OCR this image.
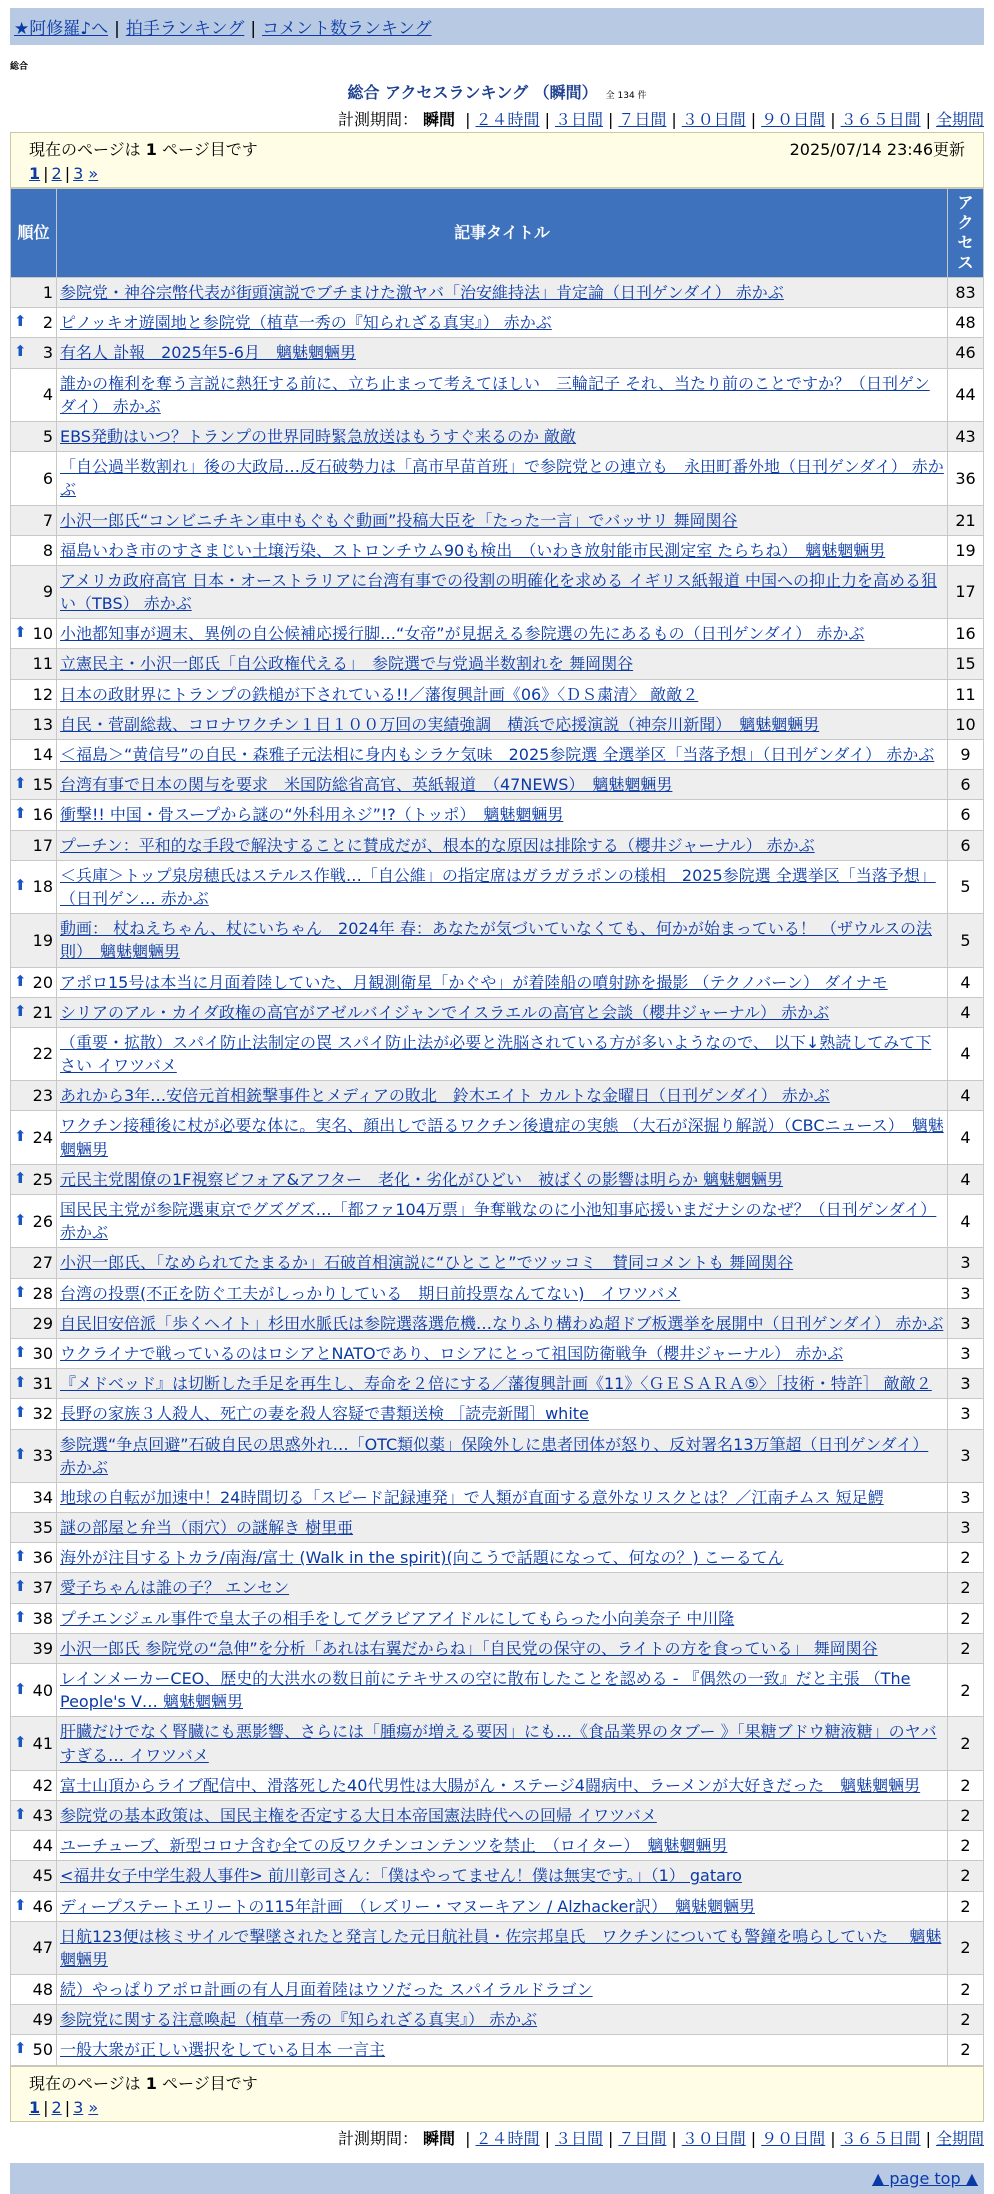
★阿修羅♪へ | 拍手ランキング | コメント数ランキング
総合
総合 アクセスランキング （瞬間） 全 134 件
計測期間： 瞬間 | ２４時間 | ３日間 | ７日間 | ３０日間 | ９０日間 | ３６５日間 | 全期間
現在のページは 1 ページ目です	2025/07/14 23:46更新
1 | 2 | 3 »
順位	記事タイトル	アクセス
1	参院党・神谷宗幣代表が街頭演説でブチまけた激ヤバ「治安維持法」肯定論（日刊ゲンダイ） 赤かぶ	83

⬆ 2	ピノッキオ遊園地と参院党（植草一秀の『知られざる真実』） 赤かぶ	48

⬆ 3	有名人 訃報　2025年5-6月　魑魅魍魎男	46
4	誰かの権利を奪う言説に熱狂する前に、立ち止まって考えてほしい　三輪記子 それ、当たり前のことですか？（日刊ゲンダイ） 赤かぶ	44
5	EBS発動はいつ？トランプの世界同時緊急放送はもうすぐ来るのか 敵敵	43
6	「自公過半数割れ」後の大政局…反石破勢力は「高市早苗首班」で参院党との連立も　永田町番外地（日刊ゲンダイ） 赤かぶ	36
7	小沢一郎氏“コンビニチキン車中もぐもぐ動画”投稿大臣を「たった一言」でバッサリ 舞岡関谷	21
8	福島いわき市のすさまじい土壌汚染、ストロンチウム90も検出　（いわき放射能市民測定室 たらちね）　魑魅魍魎男	19
9	アメリカ政府高官 日本・オーストラリアに台湾有事での役割の明確化を求める イギリス紙報道 中国への抑止力を高める狙い（TBS） 赤かぶ	17

⬆ 10	小池都知事が週末、異例の自公候補応援行脚…“女帝”が見据える参院選の先にあるもの（日刊ゲンダイ） 赤かぶ	16
11	立憲民主・小沢一郎氏「自公政権代える」　参院選で与党過半数割れを 舞岡関谷	15
12	日本の政財界にトランプの鉄槌が下されている!!／藩復興計画《06》〈ＤＳ粛清〉 敵敵２	11
13	自民・菅副総裁、コロナワクチン１日１００万回の実績強調　横浜で応援演説（神奈川新聞）　魑魅魍魎男	10
14	＜福島＞“黄信号”の自民・森雅子元法相に身内もシラケ気味　2025参院選 全選挙区「当落予想」（日刊ゲンダイ） 赤かぶ	9

⬆ 15	台湾有事で日本の関与を要求　米国防総省高官、英紙報道　（47NEWS）　魑魅魍魎男	6

⬆ 16	衝撃!! 中国・骨スープから謎の“外科用ネジ”!?（トッポ）　魑魅魍魎男	6
17	プーチン：平和的な手段で解決することに賛成だが、根本的な原因は排除する（櫻井ジャーナル） 赤かぶ	6

⬆ 18	＜兵庫＞トップ泉房穂氏はステルス作戦…「自公維」の指定席はガラガラポンの様相　2025参院選 全選挙区「当落予想」（日刊ゲン… 赤かぶ	5
19	動画： 杖ねえちゃん、杖にいちゃん　2024年 春：あなたが気づいていなくても、何かが始まっている！ （ザウルスの法則）　魑魅魍魎男	5

⬆ 20	アポロ15号は本当に月面着陸していた、月観測衛星「かぐや」が着陸船の噴射跡を撮影 （テクノバーン） ダイナモ	4

⬆ 21	シリアのアル・カイダ政権の高官がアゼルバイジャンでイスラエルの高官と会談（櫻井ジャーナル） 赤かぶ	4
22	（重要・拡散）スパイ防止法制定の罠 スパイ防止法が必要と洗脳されている方が多いようなので、 以下↓熟読してみて下さい イワツバメ	4
23	あれから3年…安倍元首相銃撃事件とメディアの敗北　鈴木エイト カルトな金曜日（日刊ゲンダイ） 赤かぶ	4

⬆ 24	ワクチン接種後に杖が必要な体に。実名、顔出しで語るワクチン後遺症の実態 （大石が深掘り解説）（CBCニュース）　魑魅魍魎男	4

⬆ 25	元民主党閣僚の1F視察ビフォア&アフター　老化・劣化がひどい　被ばくの影響は明らか 魑魅魍魎男	4

⬆ 26	国民民主党が参院選東京でグズグズ…「都ファ104万票」争奪戦なのに小池知事応援いまだナシのなぜ？（日刊ゲンダイ） 赤かぶ	4
27	小沢一郎氏、「なめられてたまるか」石破首相演説に“ひとこと”でツッコミ　賛同コメントも 舞岡関谷	3

⬆ 28	台湾の投票(不正を防ぐ工夫がしっかりしている　期日前投票なんてない)　イワツバメ	3
29	自民旧安倍派「歩くヘイト」杉田水脈氏は参院選落選危機…なりふり構わぬ超ドブ板選挙を展開中（日刊ゲンダイ） 赤かぶ	3

⬆ 30	ウクライナで戦っているのはロシアとNATOであり、ロシアにとって祖国防衛戦争（櫻井ジャーナル） 赤かぶ	3

⬆ 31	『メドベッド』は切断した手足を再生し、寿命を２倍にする／藩復興計画《11》〈ＧＥＳＡＲＡ⑤〉［技術・特許］ 敵敵２	3

⬆ 32	長野の家族３人殺人、死亡の妻を殺人容疑で書類送検 ［読売新聞］white	3

⬆ 33	参院選“争点回避”石破自民の思惑外れ…「OTC類似薬」保険外しに患者団体が怒り、反対署名13万筆超（日刊ゲンダイ） 赤かぶ	3
34	地球の自転が加速中！24時間切る「スピード記録連発」で人類が直面する意外なリスクとは？／江南チムス 短足鰐	3
35	謎の部屋と弁当（雨穴）の謎解き 樹里亜	3

⬆ 36	海外が注目するトカラ/南海/富士 (Walk in the spirit)(向こうで話題になって、何なの？) こーるてん	2

⬆ 37	愛子ちゃんは誰の子？ エンセン	2

⬆ 38	プチエンジェル事件で皇太子の相手をしてグラビアアイドルにしてもらった小向美奈子 中川隆	2
39	小沢一郎氏 参院党の“急伸”を分析「あれは右翼だからね」「自民党の保守の、ライトの方を食っている」 舞岡関谷	2

⬆ 40	レインメーカーCEO、歴史的大洪水の数日前にテキサスの空に散布したことを認める - 『偶然の一致』だと主張 （The People's V… 魑魅魍魎男	2

⬆ 41	肝臓だけでなく腎臓にも悪影響、さらには「腫瘍が増える要因」にも…《食品業界のタブー 》「果糖ブドウ糖液糖」のヤバすぎる… イワツバメ	2
42	富士山頂からライブ配信中、滑落死した40代男性は大腸がん・ステージ4闘病中、ラーメンが大好きだった　魑魅魍魎男	2

⬆ 43	参院党の基本政策は、国民主権を否定する大日本帝国憲法時代への回帰 イワツバメ	2
44	ユーチューブ、新型コロナ含む全ての反ワクチンコンテンツを禁止　（ロイター）　魑魅魍魎男	2
45	<福井女子中学生殺人事件> 前川彰司さん：「僕はやってません！僕は無実です。」（1） gataro	2

⬆ 46	ディープステートエリートの115年計画　（レズリー・マヌーキアン / Alzhacker訳）　魑魅魍魎男	2
47	日航123便は核ミサイルで撃墜されたと発言した元日航社員・佐宗邦皇氏　ワクチンについても警鐘を鳴らしていた　 魑魅魍魎男	2
48	続）やっぱりアポロ計画の有人月面着陸はウソだった スパイラルドラゴン	2
49	参院党に関する注意喚起（植草一秀の『知られざる真実』） 赤かぶ	2

⬆ 50	一般大衆が正しい選択をしている日本 一言主	2
現在のページは 1 ページ目です
1 | 2 | 3 »
計測期間： 瞬間 | ２４時間 | ３日間 | ７日間 | ３０日間 | ９０日間 | ３６５日間 | 全期間
▲ page top ▲
